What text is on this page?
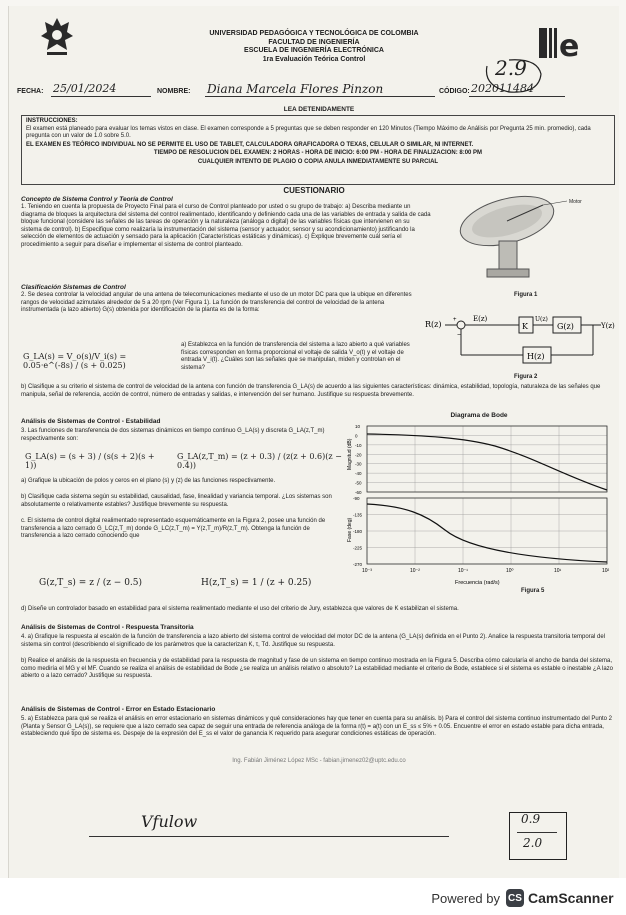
UNIVERSIDAD PEDAGÓGICA Y TECNOLÓGICA DE COLOMBIA
FACULTAD DE INGENIERÍA
ESCUELA DE INGENIERÍA ELECTRÓNICA
1ra Evaluación Teórica Control	e
2.9
FECHA: 25/01/2024	NOMBRE: Diana Marcela Flores Pinzon	CÓDIGO: 202011484
LEA DETENIDAMENTE
INSTRUCCIONES:
El examen está planeado para evaluar los temas vistos en clase. El examen corresponde a 5 preguntas que se deben responder en 120 Minutos (Tiempo Máximo de Análisis por Pregunta 25 min. promedio), cada pregunta con un valor de 1.0 sobre 5.0.
EL EXAMEN ES TEÓRICO INDIVIDUAL NO SE PERMITE EL USO DE TABLET, CALCULADORA GRAFICADORA O TEXAS, CELULAR O SIMILAR, NI INTERNET.
TIEMPO DE RESOLUCION DEL EXAMEN: 2 HORAS - HORA DE INICIO: 6:00 PM - HORA DE FINALIZACION: 8:00 PM
CUALQUIER INTENTO DE PLAGIO O COPIA ANULA INMEDIATAMENTE SU PARCIAL
CUESTIONARIO
Concepto de Sistema Control y Teoría de Control
1. Teniendo en cuenta la propuesta de Proyecto Final para el curso de Control planteado por usted o su grupo de trabajo: a) Describa mediante un diagrama de bloques la arquitectura del sistema del control realimentado, identificando y definiendo cada una de las variables de entrada y salida de cada bloque funcional (considere las señales de las tareas de operación y la naturaleza (análoga o digital) de las variables físicas que intervienen en su sistema de control). b) Especifique como realizaría la instrumentación del sistema (sensor y actuador, sensor y su acondicionamiento) justificando la selección de elementos de actuación y sensado para la aplicación (Características estáticas y dinámicas). c) Explique brevemente cuál sería el procedimiento a seguir para diseñar e implementar el sistema de control planteado.
Motor
Figura 1
Clasificación Sistemas de Control
2. Se desea controlar la velocidad angular de una antena de telecomunicaciones mediante el uso de un motor DC para que la ubique en diferentes rangos de velocidad azimutales alrededor de 5 a 20 rpm (Ver Figura 1). La función de transferencia del control de velocidad de la antena instrumentada (a lazo abierto) G(s) obtenida por identificación de la planta es de la forma:
G_LA(s) = V_o(s)/V_i(s) = 0.05·e^(-8s) / (s + 0.025)
a) Establezca en la función de transferencia del sistema a lazo abierto a qué variables físicas corresponden en forma proporcional el voltaje de salida V_o(t) y el voltaje de entrada V_i(t). ¿Cuáles son las señales que se manipulan, miden y controlan en el sistema?
b) Clasifique a su criterio el sistema de control de velocidad de la antena con función de transferencia G_LA(s) de acuerdo a las siguientes características: dinámica, estabilidad, topología, naturaleza de las señales que manipula, señal de referencia, acción de control, número de entradas y salidas, e intervención del ser humano. Justifique su respuesta brevemente.
R(z) +
−
E(z)
K
U(z)
G(z)	Y(z)
H(z)
Figura 2
Análisis de Sistemas de Control - Estabilidad
3. Las funciones de transferencia de dos sistemas dinámicos en tiempo continuo G_LA(s) y discreta G_LA(z,T_m) respectivamente son:
G_LA(s) = (s + 3) / (s(s + 2)(s + 1))
G_LA(z,T_m) = (z + 0.3) / (z(z + 0.6)(z − 0.4))
a) Grafique la ubicación de polos y ceros en el plano (s) y (z) de las funciones respectivamente.
b) Clasifique cada sistema según su estabilidad, causalidad, fase, linealidad y variancia temporal. ¿Los sistemas son absolutamente o relativamente estables? Justifique brevemente su respuesta.
c. El sistema de control digital realimentado representado esquemáticamente en la Figura 2, posee una función de transferencia a lazo cerrado G_LC(z,T_m) donde G_LC(z,T_m) = Y(z,T_m)/R(z,T_m). Obtenga la función de transferencia a lazo cerrado conociendo que
G(z,T_s) = z / (z − 0.5)	H(z,T_s) = 1 / (z + 0.25)
d) Diseñe un controlador basado en estabilidad para el sistema realimentado mediante el uso del criterio de Jury, establezca que valores de K estabilizan el sistema.
Diagrama de Bode
Magnitud (dB)
Fase (deg)
Frecuencia (rad/s)
10⁻³	10⁻²	10⁻¹	10⁰	10¹	10²
10
0
-10
-20
-30
-40
-50
-60
-90
-135
-180
-225
-270
Figura 5
Análisis de Sistemas de Control - Respuesta Transitoria
4. a) Grafique la respuesta al escalón de la función de transferencia a lazo abierto del sistema control de velocidad del motor DC de la antena (G_LA(s) definida en el Punto 2). Analice la respuesta transitoria temporal del sistema sin control (describiendo el significado de los parámetros que la caracterizan K, τ, Td. Justifique su respuesta.
b) Realice el análisis de la respuesta en frecuencia y de estabilidad para la respuesta de magnitud y fase de un sistema en tiempo continuo mostrada en la Figura 5. Describa cómo calcularía el ancho de banda del sistema, como mediría el MG y el MF. Cuando se realiza el análisis de estabilidad de Bode ¿se realiza un análisis relativo o absoluto? La estabilidad mediante el criterio de Bode, establece si el sistema es estable o inestable ¿A lazo abierto o a lazo cerrado? Justifique su respuesta.
Análisis de Sistemas de Control - Error en Estado Estacionario
5. a) Establezca para qué se realiza el análisis en error estacionario en sistemas dinámicos y qué consideraciones hay que tener en cuenta para su análisis. b) Para el control del sistema continuo instrumentado del Punto 2 (Planta y Sensor G_LA(s)), se requiere que a lazo cerrado sea capaz de seguir una entrada de referencia análoga de la forma r(t) = a(t) con un E_ss ≤ 5% + 0.05. Encuentre el error en estado estable para dicha entrada, estableciendo qué tipo de sistema es. Despeje de la expresión del E_ss el valor de ganancia K requerido para asegurar condiciones estáticas de operación.
Ing. Fabián Jiménez López MSc - fabian.jimenez02@uptc.edu.co
Vfulow	0.9
2.0
Powered by CS CamScanner
